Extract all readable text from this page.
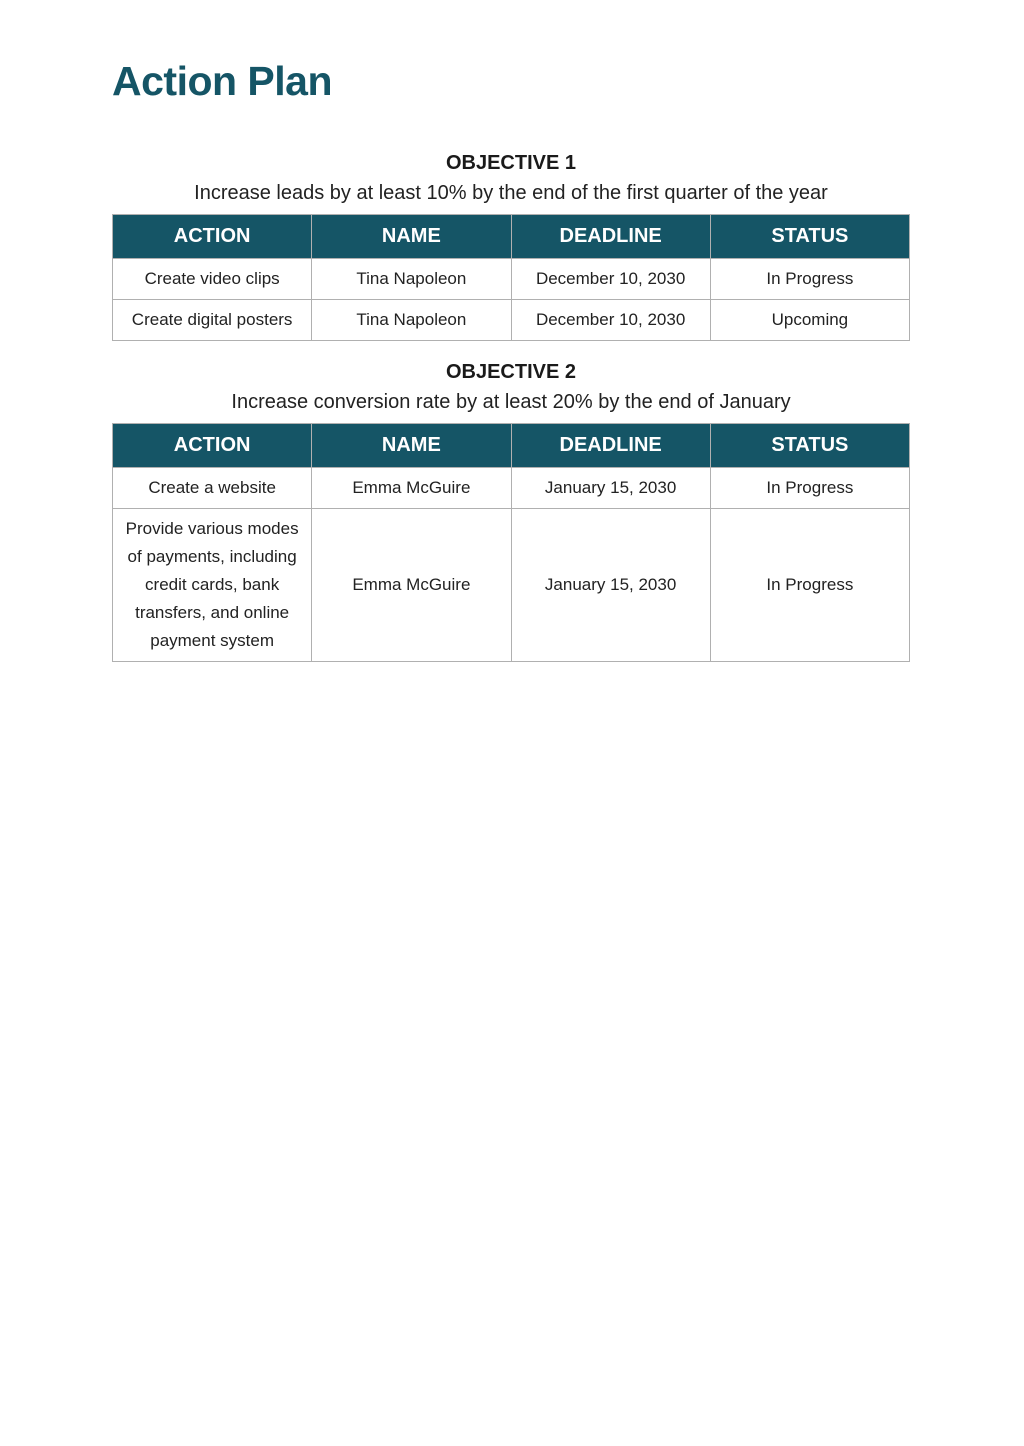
Action Plan
OBJECTIVE 1
Increase leads by at least 10% by the end of the first quarter of the year
ACTION	NAME	DEADLINE	STATUS
Create video clips	Tina Napoleon	December 10, 2030	In Progress
Create digital posters	Tina Napoleon	December 10, 2030	Upcoming
OBJECTIVE 2
Increase conversion rate by at least 20% by the end of January
ACTION	NAME	DEADLINE	STATUS
Create a website	Emma McGuire	January 15, 2030	In Progress
Provide various modes of payments, including credit cards, bank transfers, and online payment system	Emma McGuire	January 15, 2030	In Progress
